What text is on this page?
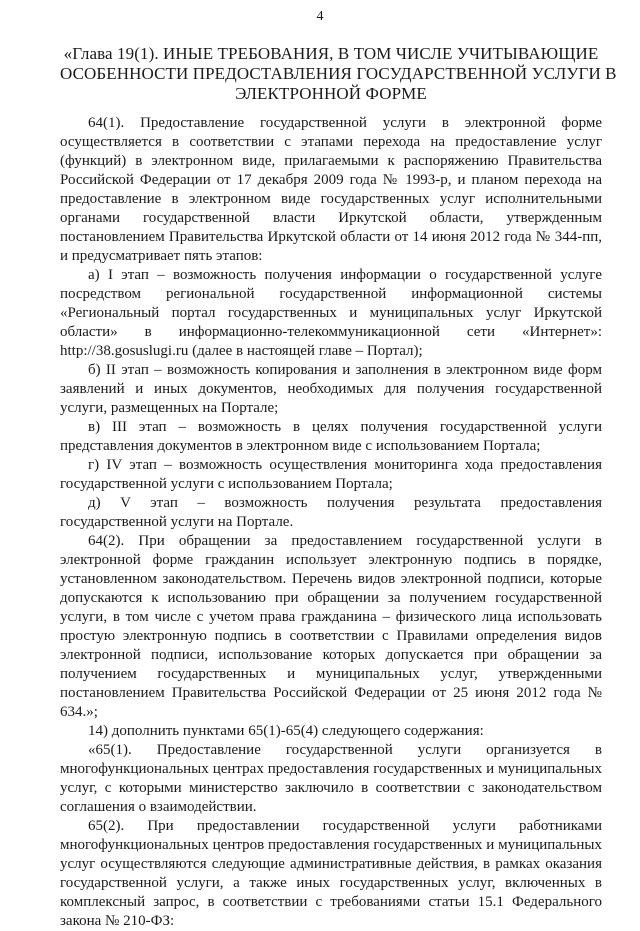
4
«Глава 19(1). ИНЫЕ ТРЕБОВАНИЯ, В ТОМ ЧИСЛЕ УЧИТЫВАЮЩИЕ
ОСОБЕННОСТИ ПРЕДОСТАВЛЕНИЯ ГОСУДАРСТВЕННОЙ УСЛУГИ В
ЭЛЕКТРОННОЙ ФОРМЕ

64(1). Предоставление государственной услуги в электронной форме осуществляется в соответствии с этапами перехода на предоставление услуг (функций) в электронном виде, прилагаемыми к распоряжению Правительства Российской Федерации от 17 декабря 2009 года № 1993-р, и планом перехода на предоставление в электронном виде государственных услуг исполнительными органами государственной власти Иркутской области, утвержденным постановлением Правительства Иркутской области от 14 июня 2012 года № 344-пп, и предусматривает пять этапов:

а) I этап – возможность получения информации о государственной услуге посредством региональной государственной информационной системы «Региональный портал государственных и муниципальных услуг Иркутской области» в информационно-телекоммуникационной сети «Интернет»: http://38.gosuslugi.ru (далее в настоящей главе – Портал);

б) II этап – возможность копирования и заполнения в электронном виде форм заявлений и иных документов, необходимых для получения государственной услуги, размещенных на Портале;

в) III этап – возможность в целях получения государственной услуги представления документов в электронном виде с использованием Портала;

г) IV этап – возможность осуществления мониторинга хода предоставления государственной услуги с использованием Портала;

д) V этап – возможность получения результата предоставления государственной услуги на Портале.

64(2). При обращении за предоставлением государственной услуги в электронной форме гражданин использует электронную подпись в порядке, установленном законодательством. Перечень видов электронной подписи, которые допускаются к использованию при обращении за получением государственной услуги, в том числе с учетом права гражданина – физического лица использовать простую электронную подпись в соответствии с Правилами определения видов электронной подписи, использование которых допускается при обращении за получением государственных и муниципальных услуг, утвержденными постановлением Правительства Российской Федерации от 25 июня 2012 года № 634.»;

14) дополнить пунктами 65(1)-65(4) следующего содержания:

«65(1). Предоставление государственной услуги организуется в многофункциональных центрах предоставления государственных и муниципальных услуг, с которыми министерство заключило в соответствии с законодательством соглашения о взаимодействии.

65(2). При предоставлении государственной услуги работниками многофункциональных центров предоставления государственных и муниципальных услуг осуществляются следующие административные действия, в рамках оказания государственной услуги, а также иных государственных услуг, включенных в комплексный запрос, в соответствии с требованиями статьи 15.1 Федерального закона № 210-ФЗ:
